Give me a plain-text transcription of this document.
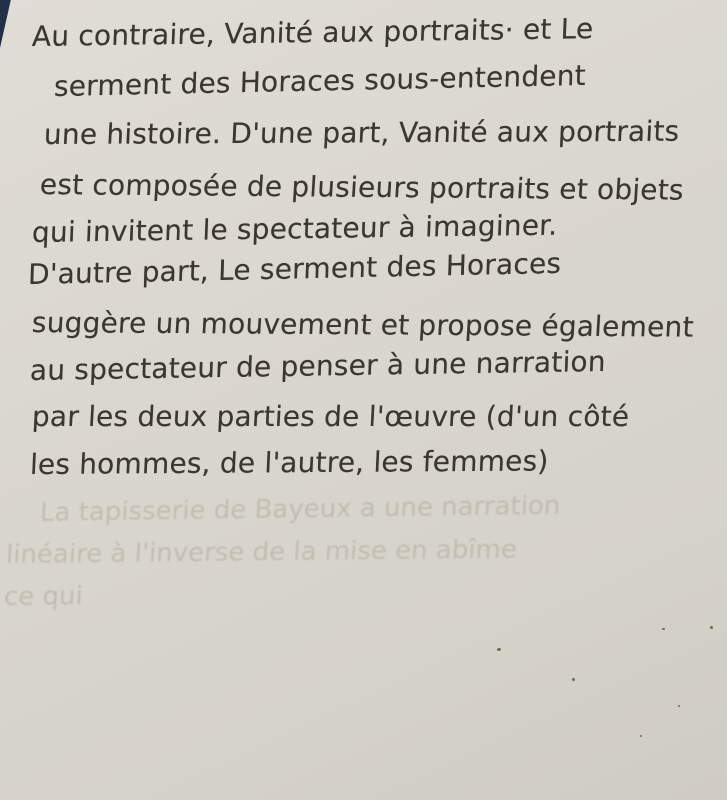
Au contraire, Vanité aux portraits· et Le
serment des Horaces sous-entendent
une histoire. D'une part, Vanité aux portraits
est composée de plusieurs portraits et objets
qui invitent le spectateur à imaginer.
D'autre part, Le serment des Horaces
suggère un mouvement et propose également
au spectateur de penser à une narration
par les deux parties de l'œuvre (d'un côté
les hommes, de l'autre, les femmes)
La tapisserie de Bayeux a une narration
linéaire à l'inverse de la mise en abîme
ce qui
